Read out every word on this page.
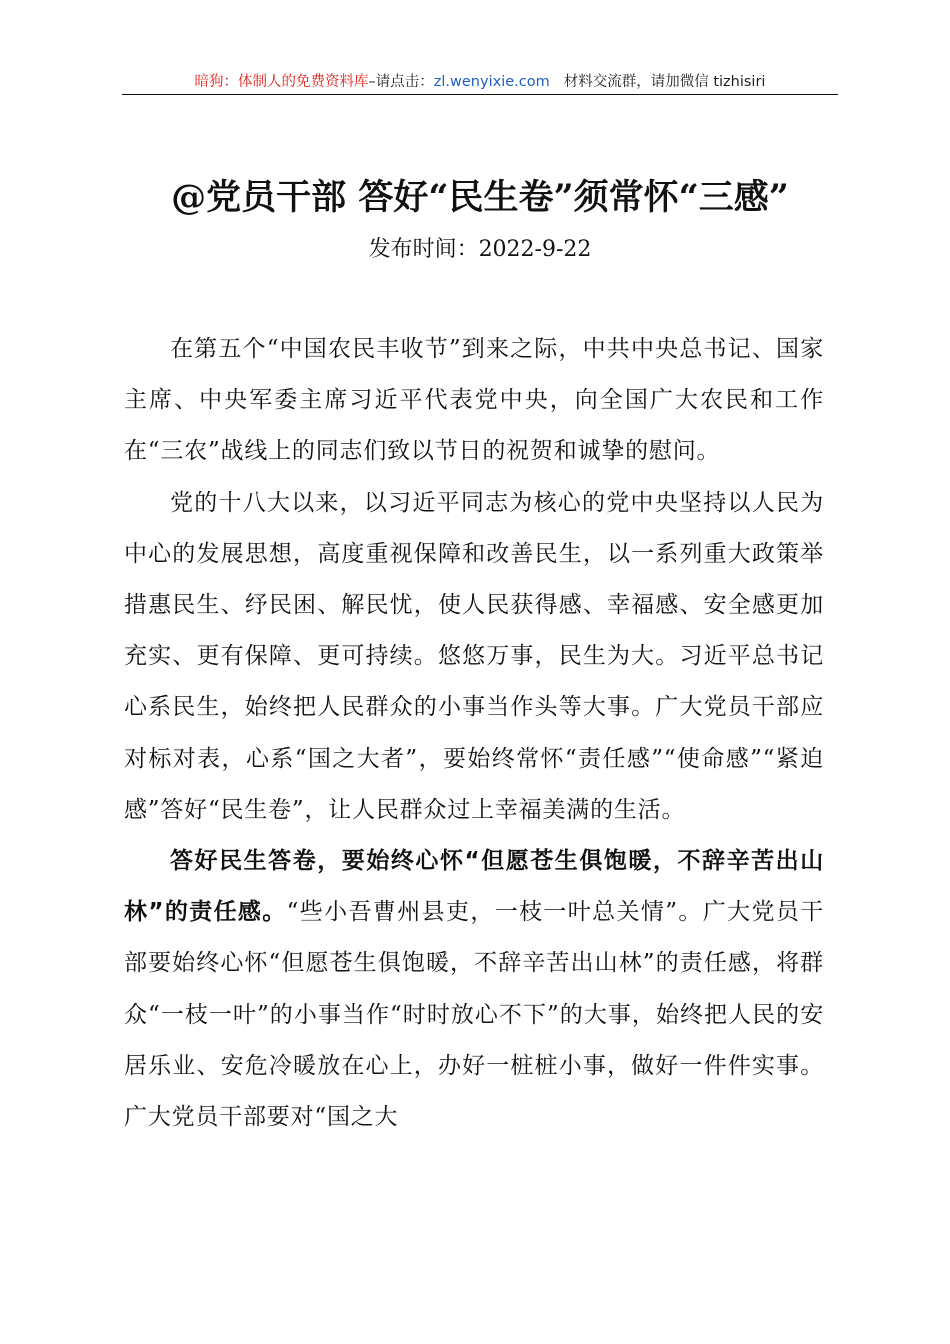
暗狗：体制人的免费资料库–请点击：zl.wenyixie.com 材料交流群，请加微信 tizhisiri
@党员干部 答好“民生卷”须常怀“三感”
发布时间：2022-9-22

在第五个“中国农民丰收节”到来之际，中共中央总书记、国家主席、中央军委主席习近平代表党中央，向全国广大农民和工作在“三农”战线上的同志们致以节日的祝贺和诚挚的慰问。

党的十八大以来，以习近平同志为核心的党中央坚持以人民为中心的发展思想，高度重视保障和改善民生，以一系列重大政策举措惠民生、纾民困、解民忧，使人民获得感、幸福感、安全感更加充实、更有保障、更可持续。悠悠万事，民生为大。习近平总书记心系民生，始终把人民群众的小事当作头等大事。广大党员干部应对标对表，心系“国之大者”，要始终常怀“责任感”“使命感”“紧迫感”答好“民生卷”，让人民群众过上幸福美满的生活。

答好民生答卷，要始终心怀“但愿苍生俱饱暖，不辞辛苦出山林”的责任感。“些小吾曹州县吏，一枝一叶总关情”。广大党员干部要始终心怀“但愿苍生俱饱暖，不辞辛苦出山林”的责任感，将群众“一枝一叶”的小事当作“时时放心不下”的大事，始终把人民的安居乐业、安危冷暖放在心上，办好一桩桩小事，做好一件件实事。广大党员干部要对“国之大
